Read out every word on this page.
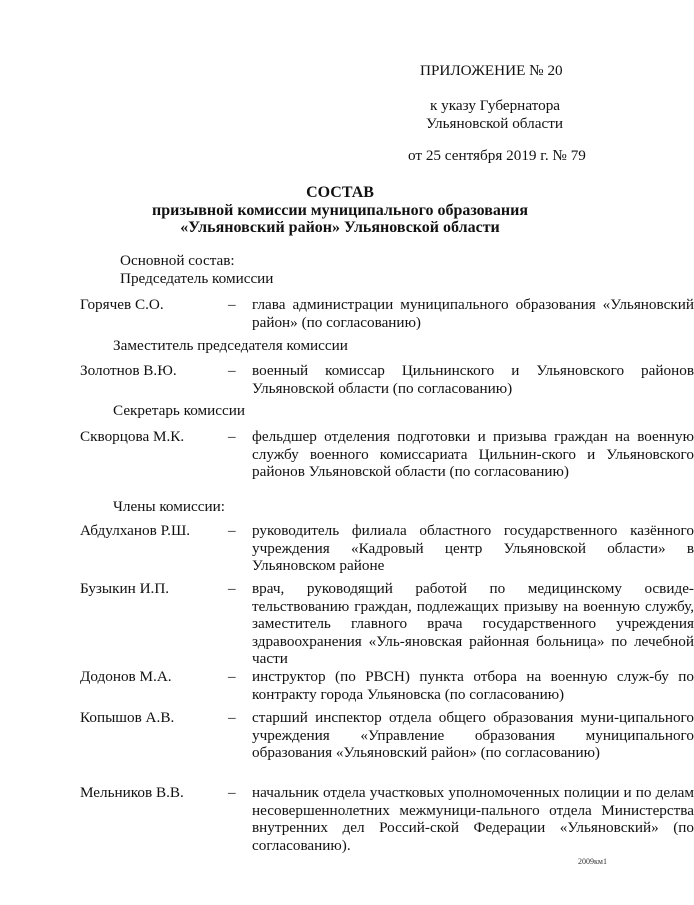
ПРИЛОЖЕНИЕ № 20
к указу Губернатора
Ульяновской области
от 25 сентября 2019 г. № 79
СОСТАВ
призывной комиссии муниципального образования
«Ульяновский район» Ульяновской области
Основной состав:
Председатель комиссии
Горячев С.О.	– глава администрации муниципального образования «Ульяновский район» (по согласованию)
Заместитель председателя комиссии
Золотнов В.Ю.	– военный комиссар Цильнинского и Ульяновского районов Ульяновской области (по согласованию)
Секретарь комиссии
Скворцова М.К.	– фельдшер отделения подготовки и призыва граждан на военную службу военного комиссариата Цильнин-ского и Ульяновского районов Ульяновской области (по согласованию)
Члены комиссии:
Абдулханов Р.Ш. – руководитель филиала областного государственного казённого учреждения «Кадровый центр Ульяновской области» в Ульяновском районе
Бузыкин И.П.	– врач, руководящий работой по медицинскому освиде-тельствованию граждан, подлежащих призыву на военную службу, заместитель главного врача государственного учреждения здравоохранения «Уль-яновская районная больница» по лечебной части
Додонов М.А.	– инструктор (по РВСН) пункта отбора на военную служ-бу по контракту города Ульяновска (по согласованию)
Копышов А.В.	– старший инспектор отдела общего образования муни-ципального учреждения «Управление образования муниципального образования «Ульяновский район» (по согласованию)
Мельников В.В.	– начальник отдела участковых уполномоченных полиции и по делам несовершеннолетних межмуници-пального отдела Министерства внутренних дел Россий-ской Федерации «Ульяновский» (по согласованию).
2009км1
